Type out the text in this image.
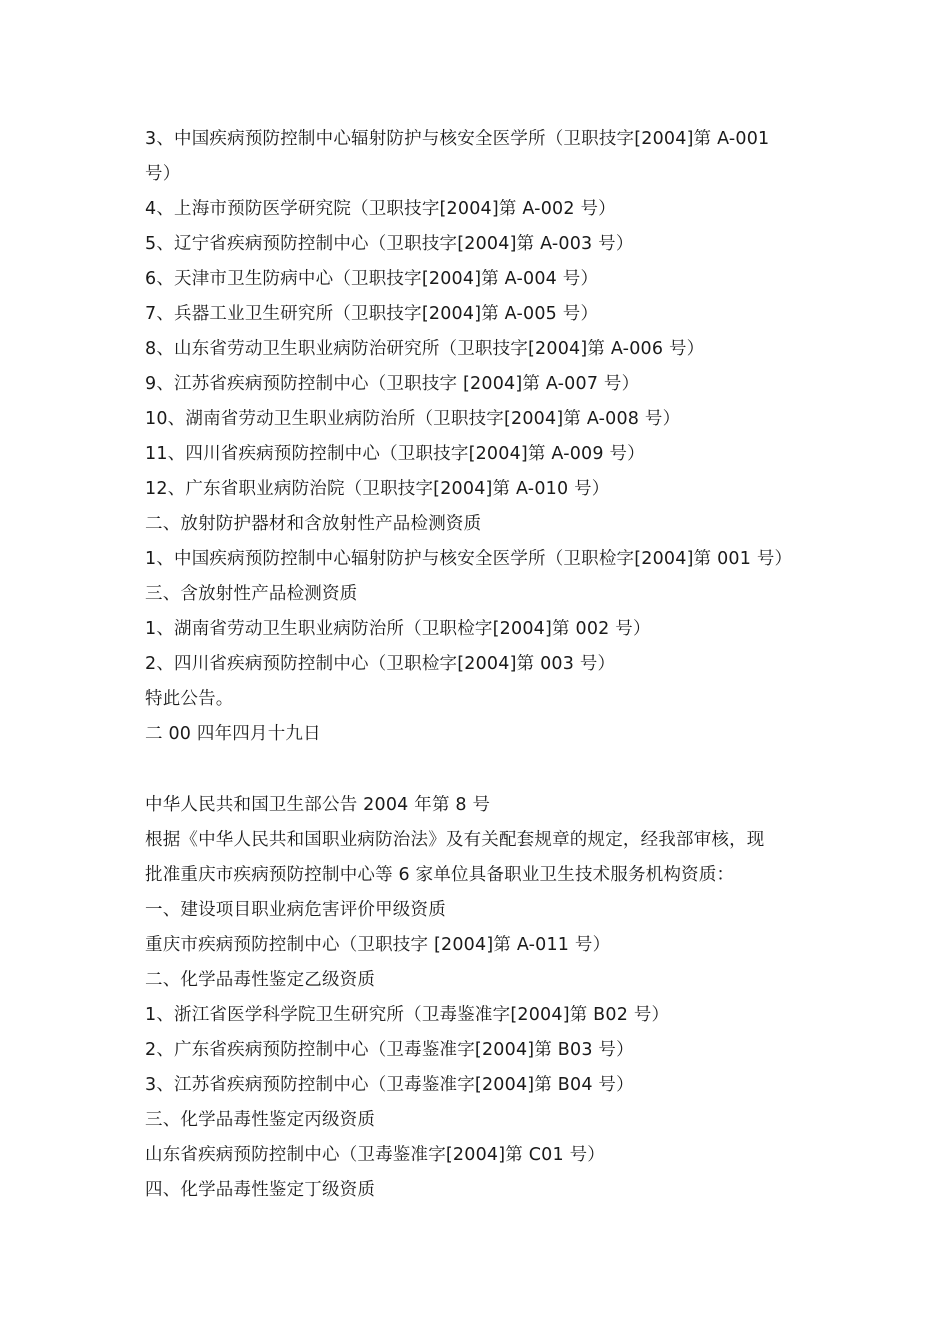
3、中国疾病预防控制中心辐射防护与核安全医学所（卫职技字[2004]第 A-001
号）
4、上海市预防医学研究院（卫职技字[2004]第 A-002 号）
5、辽宁省疾病预防控制中心（卫职技字[2004]第 A-003 号）
6、天津市卫生防病中心（卫职技字[2004]第 A-004 号）
7、兵器工业卫生研究所（卫职技字[2004]第 A-005 号）
8、山东省劳动卫生职业病防治研究所（卫职技字[2004]第 A-006 号）
9、江苏省疾病预防控制中心（卫职技字 [2004]第 A-007 号）
10、湖南省劳动卫生职业病防治所（卫职技字[2004]第 A-008 号）
11、四川省疾病预防控制中心（卫职技字[2004]第 A-009 号）
12、广东省职业病防治院（卫职技字[2004]第 A-010 号）
二、放射防护器材和含放射性产品检测资质
1、中国疾病预防控制中心辐射防护与核安全医学所（卫职检字[2004]第 001 号）
三、含放射性产品检测资质
1、湖南省劳动卫生职业病防治所（卫职检字[2004]第 002 号）
2、四川省疾病预防控制中心（卫职检字[2004]第 003 号）
特此公告。
二 00 四年四月十九日
中华人民共和国卫生部公告 2004 年第 8 号
根据《中华人民共和国职业病防治法》及有关配套规章的规定，经我部审核，现
批准重庆市疾病预防控制中心等 6 家单位具备职业卫生技术服务机构资质：
一、建设项目职业病危害评价甲级资质
重庆市疾病预防控制中心（卫职技字 [2004]第 A-011 号）
二、化学品毒性鉴定乙级资质
1、浙江省医学科学院卫生研究所（卫毒鉴准字[2004]第 B02 号）
2、广东省疾病预防控制中心（卫毒鉴准字[2004]第 B03 号）
3、江苏省疾病预防控制中心（卫毒鉴准字[2004]第 B04 号）
三、化学品毒性鉴定丙级资质
山东省疾病预防控制中心（卫毒鉴准字[2004]第 C01 号）
四、化学品毒性鉴定丁级资质
